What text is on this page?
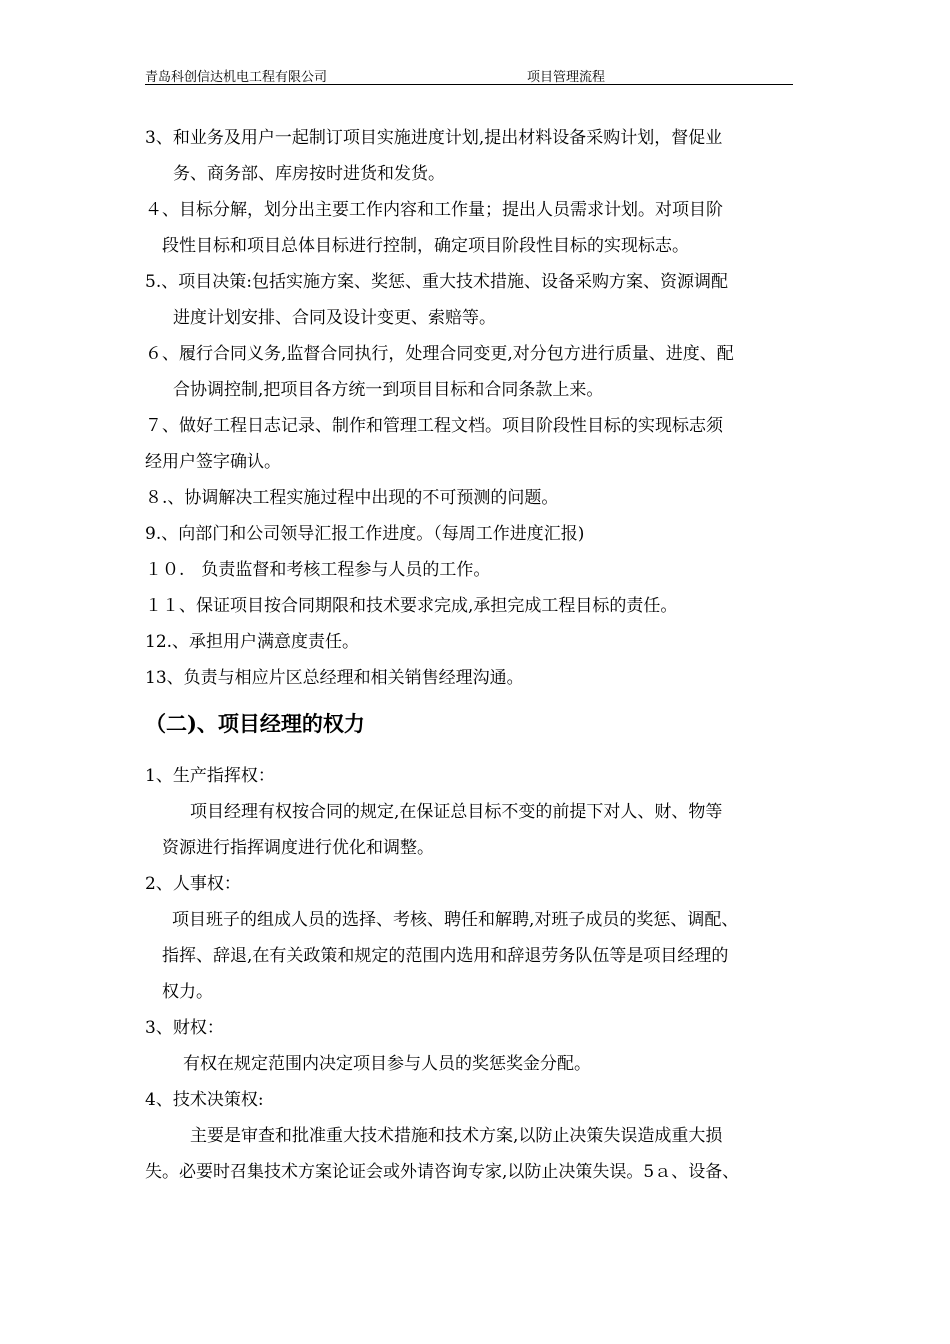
青岛科创信达机电工程有限公司	项目管理流程
3、和业务及用户一起制订项目实施进度计划,提出材料设备采购计划，督促业
务、商务部、库房按时进货和发货。
４、目标分解，划分出主要工作内容和工作量；提出人员需求计划。对项目阶
段性目标和项目总体目标进行控制，确定项目阶段性目标的实现标志。
5.、项目决策:包括实施方案、奖惩、重大技术措施、设备采购方案、资源调配
进度计划安排、合同及设计变更、索赔等。
６、履行合同义务,监督合同执行，处理合同变更,对分包方进行质量、进度、配
合协调控制,把项目各方统一到项目目标和合同条款上来。
７、做好工程日志记录、制作和管理工程文档。项目阶段性目标的实现标志须
经用户签字确认。
８.、协调解决工程实施过程中出现的不可预测的问题。
9.、向部门和公司领导汇报工作进度。（每周工作进度汇报)
１０.　负责监督和考核工程参与人员的工作。
１１、保证项目按合同期限和技术要求完成,承担完成工程目标的责任。
12.、承担用户满意度责任。
13、负责与相应片区总经理和相关销售经理沟通。
（二)、项目经理的权力
1、生产指挥权：
项目经理有权按合同的规定,在保证总目标不变的前提下对人、财、物等
资源进行指挥调度进行优化和调整。
2、人事权：
项目班子的组成人员的选择、考核、聘任和解聘,对班子成员的奖惩、调配、
指挥、辞退,在有关政策和规定的范围内选用和辞退劳务队伍等是项目经理的
权力。
3、财权：
有权在规定范围内决定项目参与人员的奖惩奖金分配。
4、技术决策权:
主要是审查和批准重大技术措施和技术方案,以防止决策失误造成重大损
失。必要时召集技术方案论证会或外请咨询专家,以防止决策失误。5ａ、设备、
